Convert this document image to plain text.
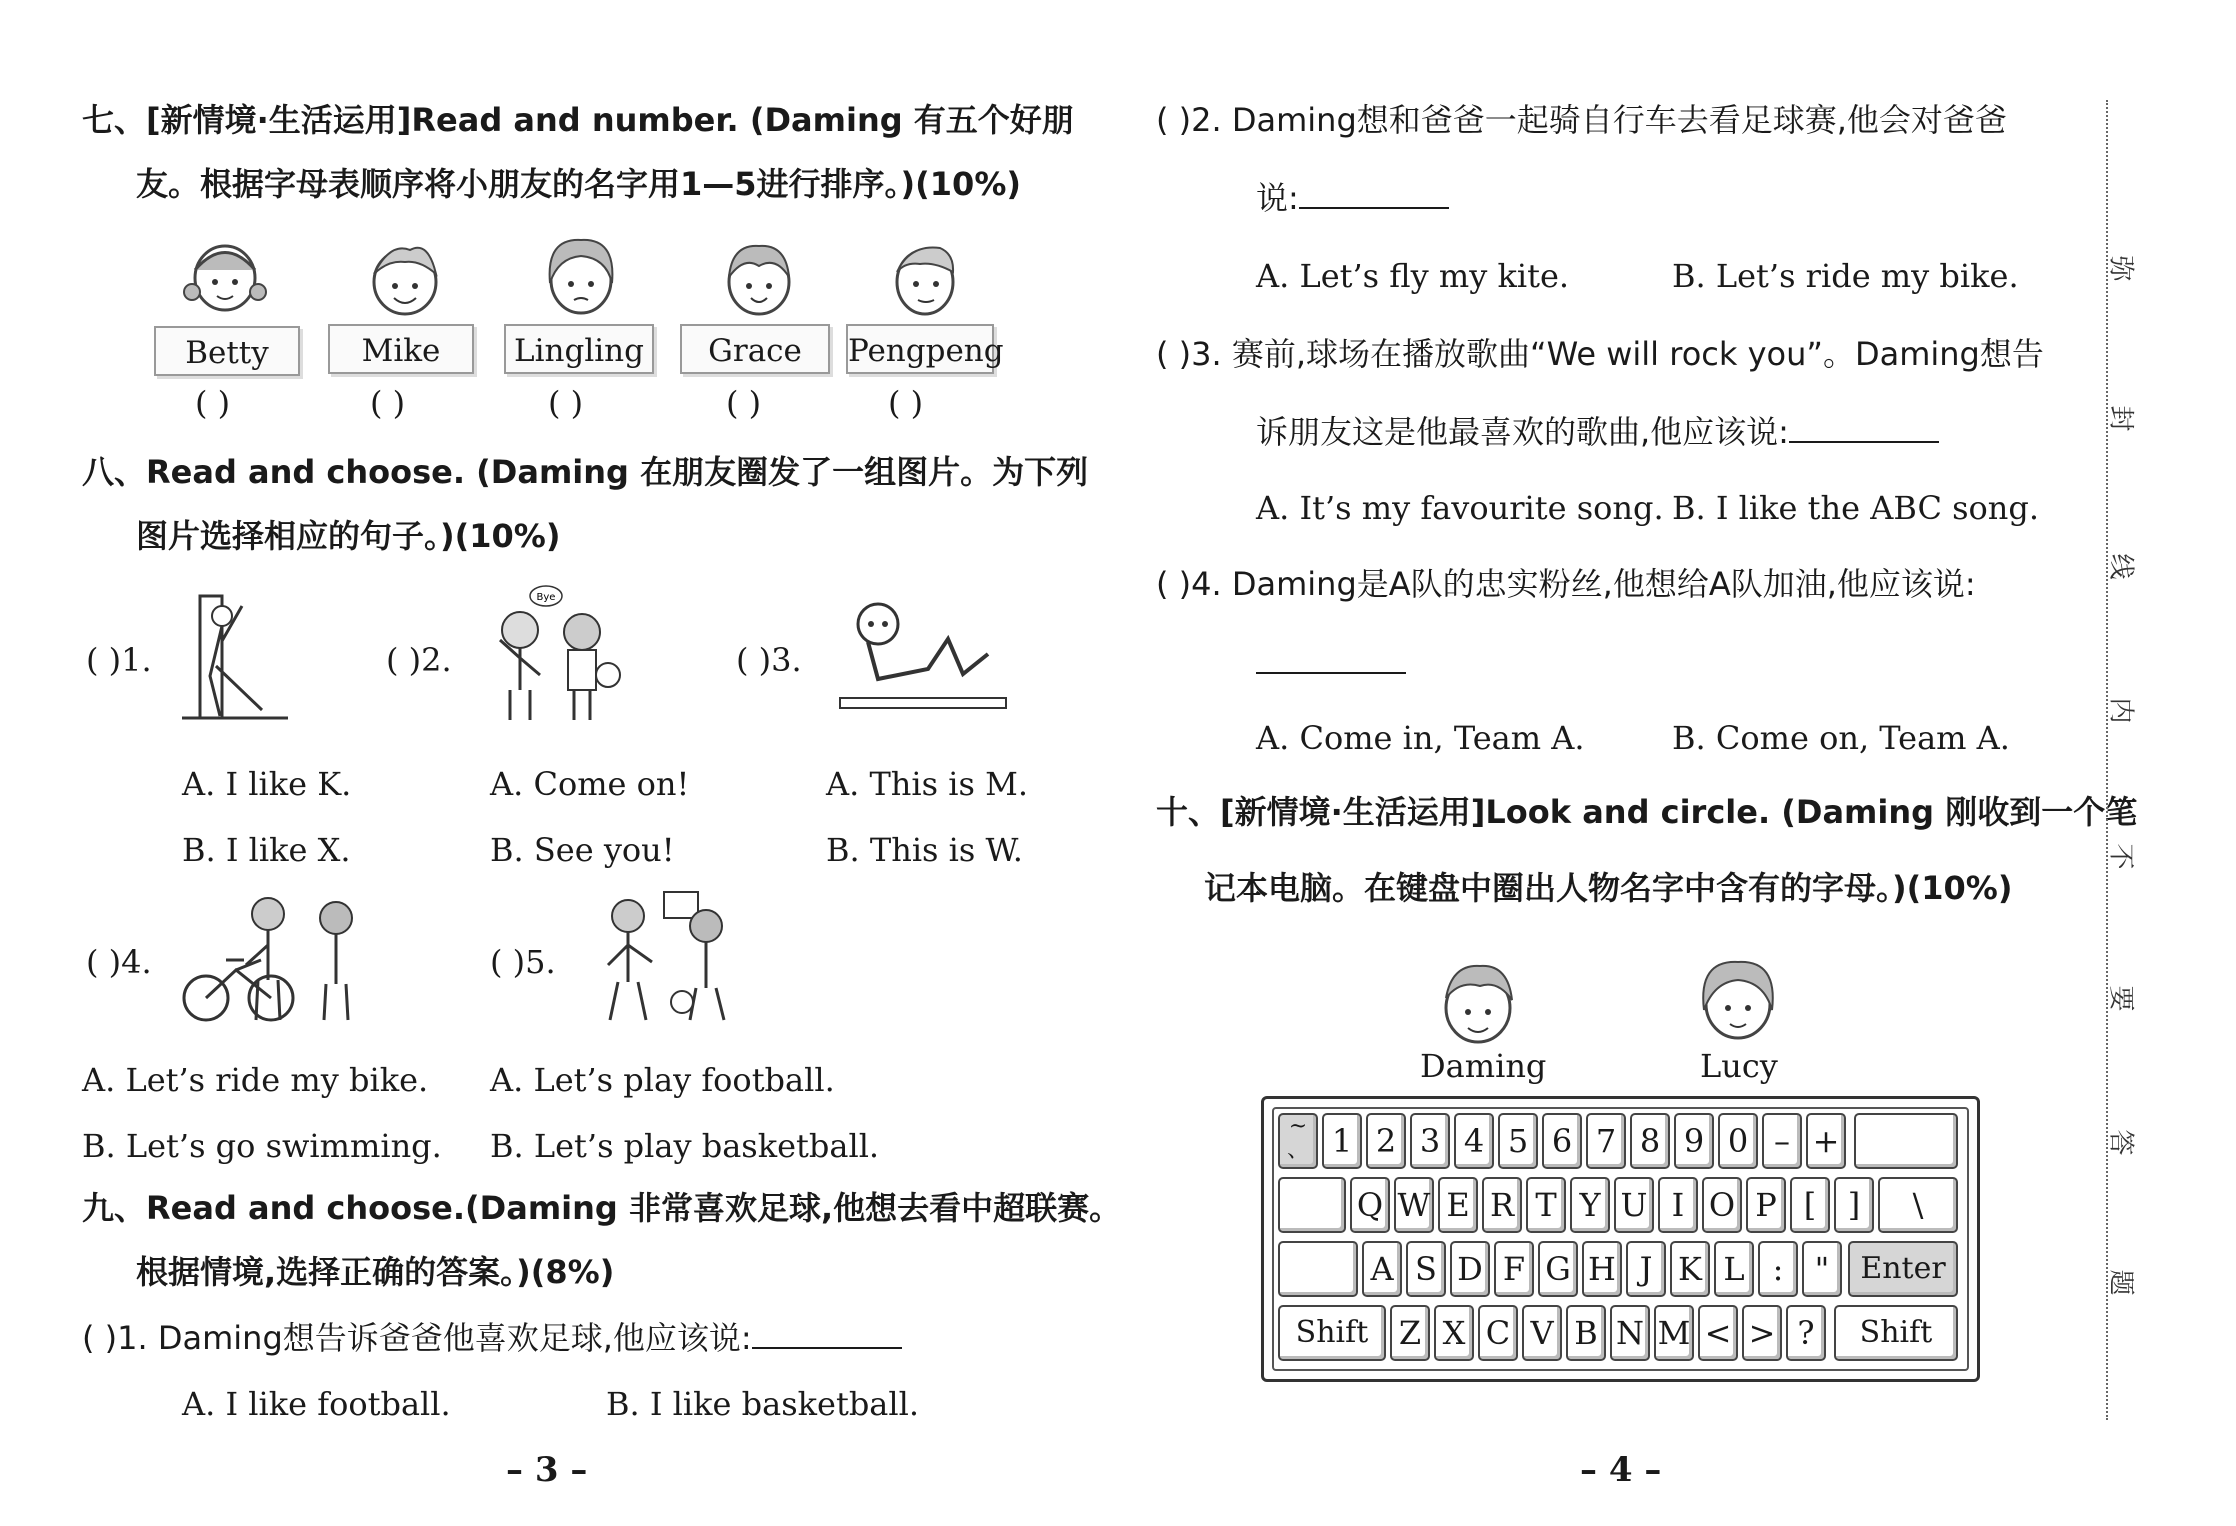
七、[新情境·生活运用]Read and number. (Daming 有五个好朋
友。根据字母表顺序将小朋友的名字用1—5进行排序。)(10%)
Betty	Mike	Lingling	Grace	Pengpeng
( )	( )	( )	( )	( )
八、Read and choose. (Daming 在朋友圈发了一组图片。为下列
图片选择相应的句子。)(10%)
( )1.	( )2.
Bye
( )3.
A. I like K.
B. I like X.
A. Come on!
B. See you!
A. This is M.
B. This is W.
( )4.	( )5.
A. Let’s ride my bike.
B. Let’s go swimming.
A. Let’s play football.
B. Let’s play basketball.
九、Read and choose.(Daming 非常喜欢足球,他想去看中超联赛。
根据情境,选择正确的答案。)(8%)
( )1. Daming想告诉爸爸他喜欢足球,他应该说:
A. I like football.	B. I like basketball.
– 3 –
( )2. Daming想和爸爸一起骑自行车去看足球赛,他会对爸爸
说:
A. Let’s fly my kite.	B. Let’s ride my bike.
( )3. 赛前,球场在播放歌曲“We will rock you”。Daming想告
诉朋友这是他最喜欢的歌曲,他应该说:
A. It’s my favourite song. B. I like the ABC song.
( )4. Daming是A队的忠实粉丝,他想给A队加油,他应该说:
A. Come in, Team A.	B. Come on, Team A.
十、[新情境·生活运用]Look and circle. (Daming 刚收到一个笔
记本电脑。在键盘中圈出人物名字中含有的字母。)(10%)
Daming	Lucy
~
、 1 2 3 4 5 6 7 8 9 0 – +
Q W E R T Y U I O P [ ]	\
A S D F G H J K L : "	Enter
Shift Z X C V B N M < > ?	Shift
– 4 –
弥
封
线
内
不
要
答
题
